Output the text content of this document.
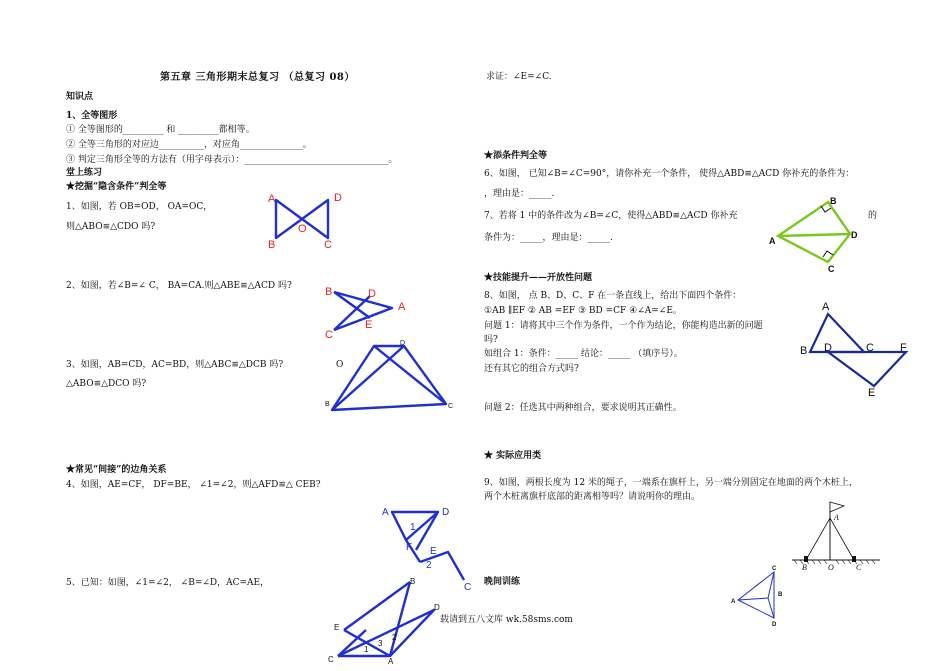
第五章 三角形期末总复习 （总复习 08）
知识点
1、全等图形
① 全等图形的_________ 和 _________都相等。
② 全等三角形的对应边__________，对应角______________。
③ 判定三角形全等的方法有（用字母表示）：________________________________。
堂上练习
★挖掘“隐含条件”判全等
1、如图，若 OB=OD， OA=OC，
则△ABO≌△CDO 吗?
A	D
O
B	C
2、如图，若∠B=∠ C， BA=CA.则△ABE≌△ACD 吗?	B	D
A
E
C
3、如图，AB=CD，AC=BD，则△ABC≌△DCB 吗?	O
△ABO≌△DCO 吗?
D
B	C
★常见“间接”的边角关系
4、如图，AE=CF， DF=BE， ∠1=∠2，则△AFD≌△ CEB?
A	D
1
F E
2
C
5、已知：如图，∠1=∠2， ∠B=∠D，AC=AE，	B
D
E
3
2
1
C	A
求证：∠E=∠C.
★添条件判全等
6、如图， 已知∠B=∠C=90°，请你补充一个条件， 使得△ABD≌△ACD 你补充的条件为：
，理由是：_____.
7、若将 1 中的条件改为∠B=∠C，使得△ABD≌△ACD 你补充	的
条件为：_____，理由是：_____.
B
A
D
C
★技能提升——开放性问题
8、如图， 点 B、D、C、F 在一条直线上，给出下面四个条件：
①AB ∥EF ② AB =EF ③ BD =CF ④∠A=∠E。
问题 1：请将其中三个作为条件，一个作为结论，你能构造出新的问题
吗?
如组合 1：条件：_____ 结论：_____ （填序号）。
还有其它的组合方式吗?
问题 2：任选其中两种组合，要求说明其正确性。
A
B D	C F
E
★ 实际应用类
9、如图，两根长度为 12 米的绳子，一端系在旗杆上，另一端分别固定在地面的两个木桩上，
两个木桩离旗杆底部的距离相等吗？请说明你的理由。
A
B	O	C
晚间训练
C
A
B
D
载请到五八文库 wk.58sms.com
